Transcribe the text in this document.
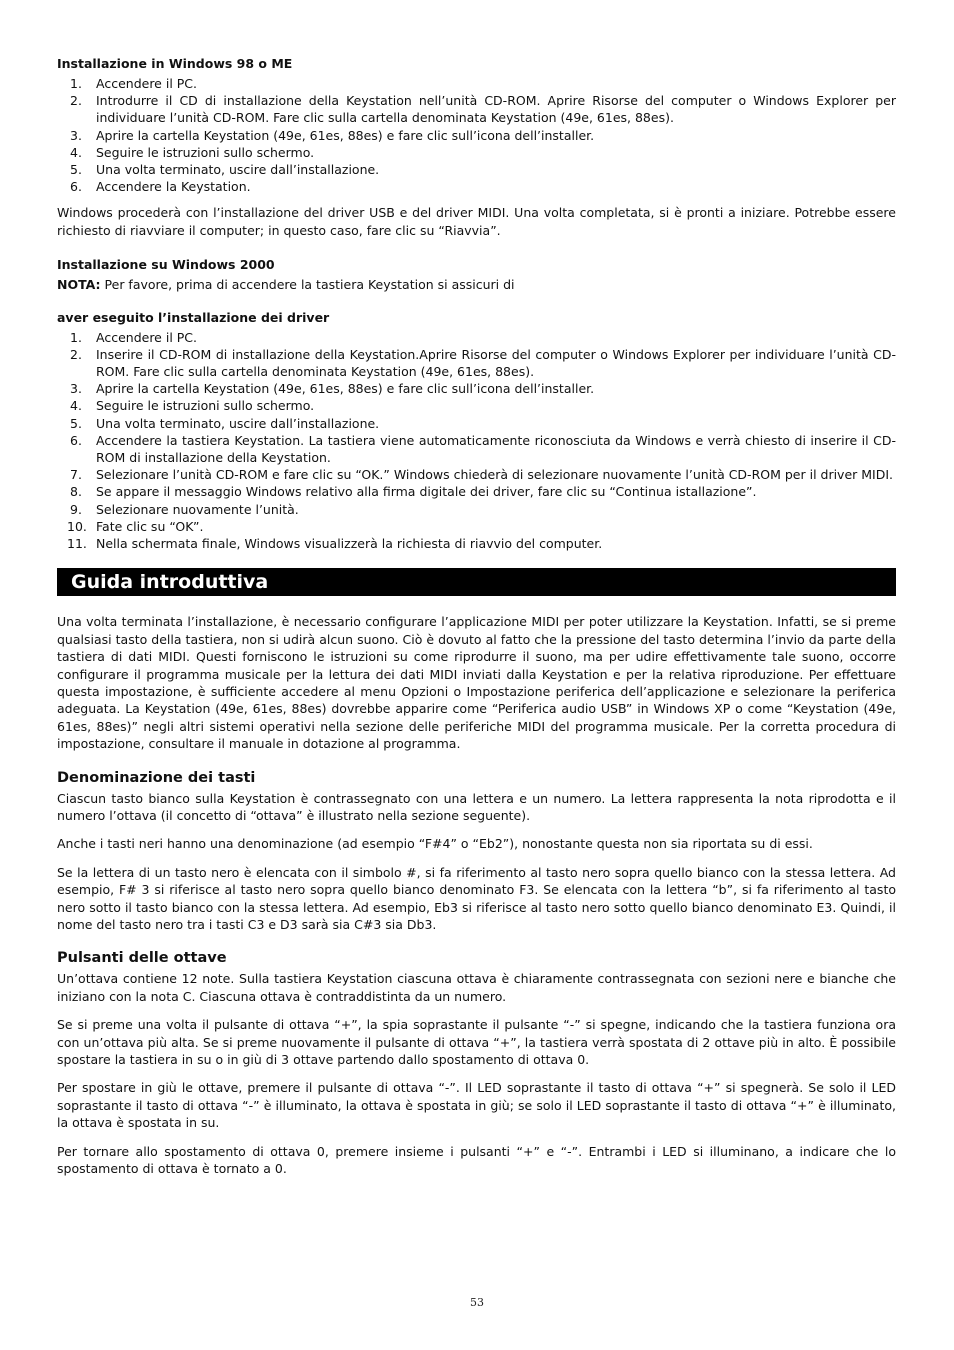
Installazione in Windows 98 o ME
1. Accendere il PC.
2. Introdurre il CD di installazione della Keystation nell’unità CD-ROM. Aprire Risorse del computer o Windows Explorer per individuare l’unità CD-ROM. Fare clic sulla cartella denominata Keystation (49e, 61es, 88es).
3. Aprire la cartella Keystation (49e, 61es, 88es) e fare clic sull’icona dell’installer.
4. Seguire le istruzioni sullo schermo.
5. Una volta terminato, uscire dall’installazione.
6. Accendere la Keystation.

Windows procederà con l’installazione del driver USB e del driver MIDI. Una volta completata, si è pronti a iniziare. Potrebbe essere richiesto di riavviare il computer; in questo caso, fare clic su “Riavvia”.

Installazione su Windows 2000

NOTA: Per favore, prima di accendere la tastiera Keystation si assicuri di

aver eseguito l’installazione dei driver
1. Accendere il PC.
2. Inserire il CD-ROM di installazione della Keystation.Aprire Risorse del computer o Windows Explorer per individuare l’unità CD-ROM. Fare clic sulla cartella denominata Keystation (49e, 61es, 88es).
3. Aprire la cartella Keystation (49e, 61es, 88es) e fare clic sull’icona dell’installer.
4. Seguire le istruzioni sullo schermo.
5. Una volta terminato, uscire dall’installazione.
6. Accendere la tastiera Keystation. La tastiera viene automaticamente riconosciuta da Windows e verrà chiesto di inserire il CD-ROM di installazione della Keystation.
7. Selezionare l’unità CD-ROM e fare clic su “OK.” Windows chiederà di selezionare nuovamente l’unità CD-ROM per il driver MIDI.
8. Se appare il messaggio Windows relativo alla firma digitale dei driver, fare clic su “Continua istallazione”.
9. Selezionare nuovamente l’unità.
10. Fate clic su “OK”.
11. Nella schermata finale, Windows visualizzerà la richiesta di riavvio del computer.
Guida introduttiva

Una volta terminata l’installazione, è necessario configurare l’applicazione MIDI per poter utilizzare la Keystation. Infatti, se si preme qualsiasi tasto della tastiera, non si udirà alcun suono. Ciò è dovuto al fatto che la pressione del tasto determina l’invio da parte della tastiera di dati MIDI. Questi forniscono le istruzioni su come riprodurre il suono, ma per udire effettivamente tale suono, occorre configurare il programma musicale per la lettura dei dati MIDI inviati dalla Keystation e per la relativa riproduzione. Per effettuare questa impostazione, è sufficiente accedere al menu Opzioni o Impostazione periferica dell’applicazione e selezionare la periferica adeguata. La Keystation (49e, 61es, 88es) dovrebbe apparire come “Periferica audio USB” in Windows XP o come “Keystation (49e, 61es, 88es)” negli altri sistemi operativi nella sezione delle periferiche MIDI del programma musicale. Per la corretta procedura di impostazione, consultare il manuale in dotazione al programma.

Denominazione dei tasti

Ciascun tasto bianco sulla Keystation è contrassegnato con una lettera e un numero. La lettera rappresenta la nota riprodotta e il numero l’ottava (il concetto di “ottava” è illustrato nella sezione seguente).

Anche i tasti neri hanno una denominazione (ad esempio “F#4” o “Eb2”), nonostante questa non sia riportata su di essi.

Se la lettera di un tasto nero è elencata con il simbolo #, si fa riferimento al tasto nero sopra quello bianco con la stessa lettera. Ad esempio, F# 3 si riferisce al tasto nero sopra quello bianco denominato F3. Se elencata con la lettera “b”, si fa riferimento al tasto nero sotto il tasto bianco con la stessa lettera. Ad esempio, Eb3 si riferisce al tasto nero sotto quello bianco denominato E3. Quindi, il nome del tasto nero tra i tasti C3 e D3 sarà sia C#3 sia Db3.

Pulsanti delle ottave

Un’ottava contiene 12 note. Sulla tastiera Keystation ciascuna ottava è chiaramente contrassegnata con sezioni nere e bianche che iniziano con la nota C. Ciascuna ottava è contraddistinta da un numero.

Se si preme una volta il pulsante di ottava “+”, la spia soprastante il pulsante “-” si spegne, indicando che la tastiera funziona ora con un’ottava più alta. Se si preme nuovamente il pulsante di ottava “+”, la tastiera verrà spostata di 2 ottave più in alto. È possibile spostare la tastiera in su o in giù di 3 ottave partendo dallo spostamento di ottava 0.

Per spostare in giù le ottave, premere il pulsante di ottava “-”. Il LED soprastante il tasto di ottava “+” si spegnerà. Se solo il LED soprastante il tasto di ottava “-” è illuminato, la ottava è spostata in giù; se solo il LED soprastante il tasto di ottava “+” è illuminato, la ottava è spostata in su.

Per tornare allo spostamento di ottava 0, premere insieme i pulsanti “+” e “-”. Entrambi i LED si illuminano, a indicare che lo spostamento di ottava è tornato a 0.

53
